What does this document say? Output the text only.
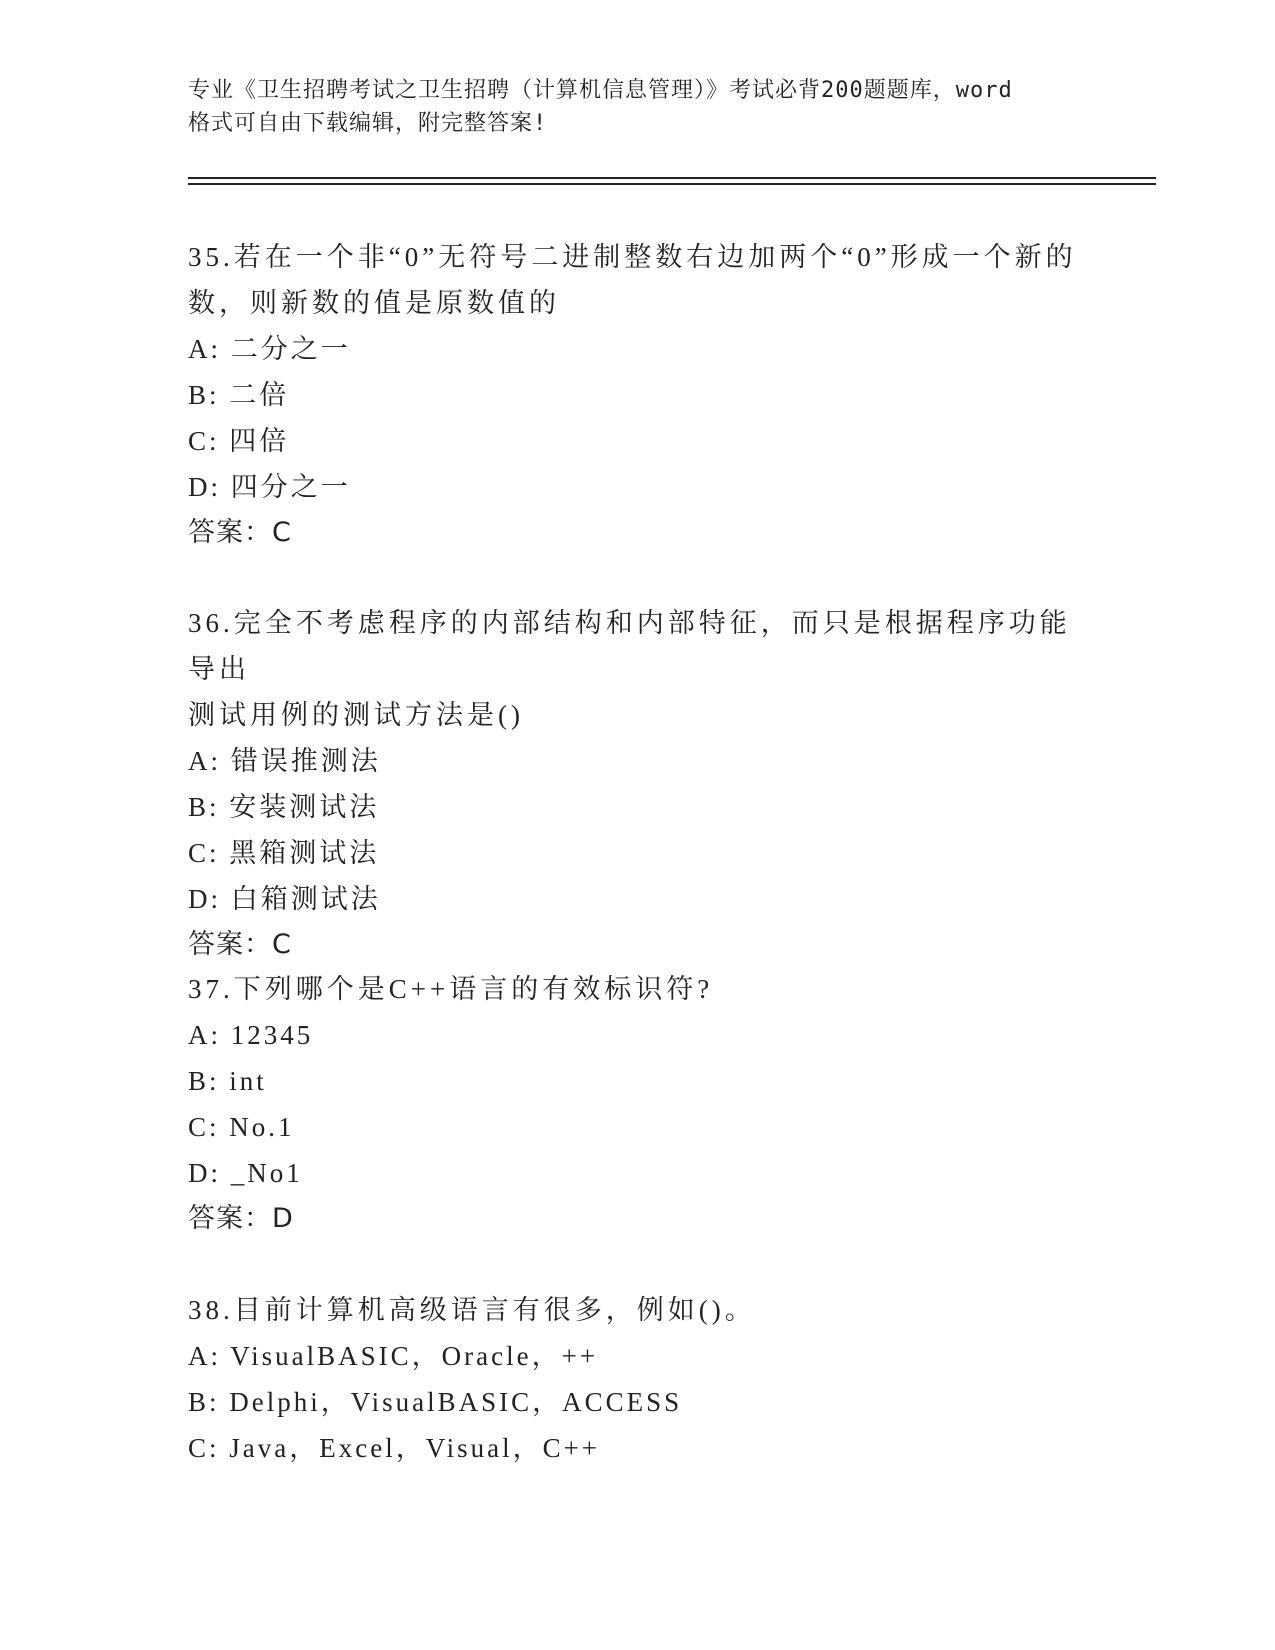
专业《卫生招聘考试之卫生招聘（计算机信息管理）》考试必背200题题库，word
格式可自由下载编辑，附完整答案!
35.若在一个非“0”无符号二进制整数右边加两个“0”形成一个新的
数，则新数的值是原数值的
A: 二分之一
B: 二倍
C: 四倍
D: 四分之一
答案：C
36.完全不考虑程序的内部结构和内部特征，而只是根据程序功能导出
测试用例的测试方法是()
A: 错误推测法
B: 安装测试法
C: 黑箱测试法
D: 白箱测试法
答案：C
37.下列哪个是C++语言的有效标识符?
A: 12345
B: int
C: No.1
D: _No1
答案：D
38.目前计算机高级语言有很多，例如()。
A: VisualBASIC，Oracle，++
B: Delphi，VisualBASIC，ACCESS
C: Java，Excel，Visual，C++
